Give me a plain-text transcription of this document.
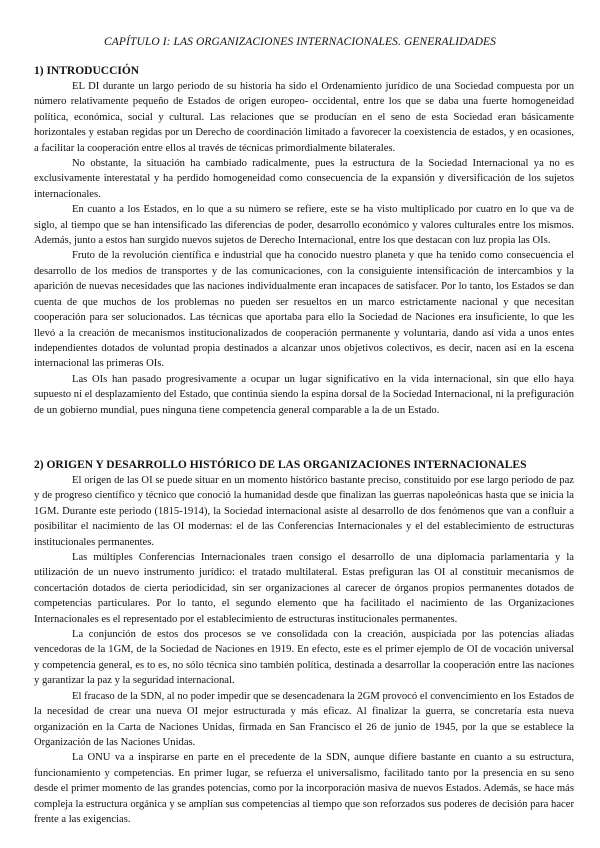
CAPÍTULO I: LAS ORGANIZACIONES INTERNACIONALES. GENERALIDADES

1) INTRODUCCIÓN

EL DI durante un largo periodo de su historia ha sido el Ordenamiento jurídico de una Sociedad compuesta por un número relativamente pequeño de Estados de origen europeo- occidental, entre los que se daba una fuerte homogeneidad política, económica, social y cultural. Las relaciones que se producían en el seno de esta Sociedad eran básicamente horizontales y estaban regidas por un Derecho de coordinación limitado a favorecer la coexistencia de estados, y en ocasiones, a facilitar la cooperación entre ellos al través de técnicas primordialmente bilaterales.

No obstante, la situación ha cambiado radicalmente, pues la estructura de la Sociedad Internacional ya no es exclusivamente interestatal y ha perdido homogeneidad como consecuencia de la expansión y diversificación de los sujetos internacionales.

En cuanto a los Estados, en lo que a su número se refiere, este se ha visto multiplicado por cuatro en lo que va de siglo, al tiempo que se han intensificado las diferencias de poder, desarrollo económico y valores culturales entre los mismos. Además, junto a estos han surgido nuevos sujetos de Derecho Internacional, entre los que destacan con luz propia las OIs.

Fruto de la revolución científica e industrial que ha conocido nuestro planeta y que ha tenido como consecuencia el desarrollo de los medios de transportes y de las comunicaciones, con la consiguiente intensificación de intercambios y la aparición de nuevas necesidades que las naciones individualmente eran incapaces de satisfacer. Por lo tanto, los Estados se dan cuenta de que muchos de los problemas no pueden ser resueltos en un marco estrictamente nacional y que necesitan cooperación para ser solucionados. Las técnicas que aportaba para ello la Sociedad de Naciones era insuficiente, lo que les llevó a la creación de mecanismos institucionalizados de cooperación permanente y voluntaria, dando así vida a unos entes independientes dotados de voluntad propia destinados a alcanzar unos objetivos colectivos, es decir, nacen así en la escena internacional las primeras OIs.

Las OIs han pasado progresivamente a ocupar un lugar significativo en la vida internacional, sin que ello haya supuesto ni el desplazamiento del Estado, que continúa siendo la espina dorsal de la Sociedad Internacional, ni la prefiguración de un gobierno mundial, pues ninguna tiene competencia general comparable a la de un Estado.

2) ORIGEN Y DESARROLLO HISTÓRICO DE LAS ORGANIZACIONES INTERNACIONALES

El origen de las OI se puede situar en un momento histórico bastante preciso, constituido por ese largo periodo de paz y de progreso científico y técnico que conoció la humanidad desde que finalizan las guerras napoleónicas hasta que se inicia la 1GM. Durante este periodo (1815-1914), la Sociedad internacional asiste al desarrollo de dos fenómenos que van a confluir a posibilitar el nacimiento de las OI modernas: el de las Conferencias Internacionales y el del establecimiento de estructuras institucionales permanentes.

Las múltiples Conferencias Internacionales traen consigo el desarrollo de una diplomacia parlamentaria y la utilización de un nuevo instrumento jurídico: el tratado multilateral. Estas prefiguran las OI al constituir mecanismos de concertación dotados de cierta periodicidad, sin ser organizaciones al carecer de órganos propios permanentes dotados de competencias particulares. Por lo tanto, el segundo elemento que ha facilitado el nacimiento de las Organizaciones Internacionales es el representado por el establecimiento de estructuras institucionales permanentes.

La conjunción de estos dos procesos se ve consolidada con la creación, auspiciada por las potencias aliadas vencedoras de la 1GM, de la Sociedad de Naciones en 1919. En efecto, este es el primer ejemplo de OI de vocación universal y competencia general, es to es, no sólo técnica sino también política, destinada a desarrollar la cooperación entre las naciones y garantizar la paz y la seguridad internacional.

El fracaso de la SDN, al no poder impedir que se desencadenara la 2GM provocó el convencimiento en los Estados de la necesidad de crear una nueva OI mejor estructurada y más eficaz. Al finalizar la guerra, se concretaría esta nueva organización en la Carta de Naciones Unidas, firmada en San Francisco el 26 de junio de 1945, por la que se establece la Organización de las Naciones Unidas.

La ONU va a inspirarse en parte en el precedente de la SDN, aunque difiere bastante en cuanto a su estructura, funcionamiento y competencias. En primer lugar, se refuerza el universalismo, facilitado tanto por la presencia en su seno desde el primer momento de las grandes potencias, como por la incorporación masiva de nuevos Estados. Además, se hace más compleja la estructura orgánica y se amplían sus competencias al tiempo que son reforzados sus poderes de decisión para hacer frente a las exigencias.
